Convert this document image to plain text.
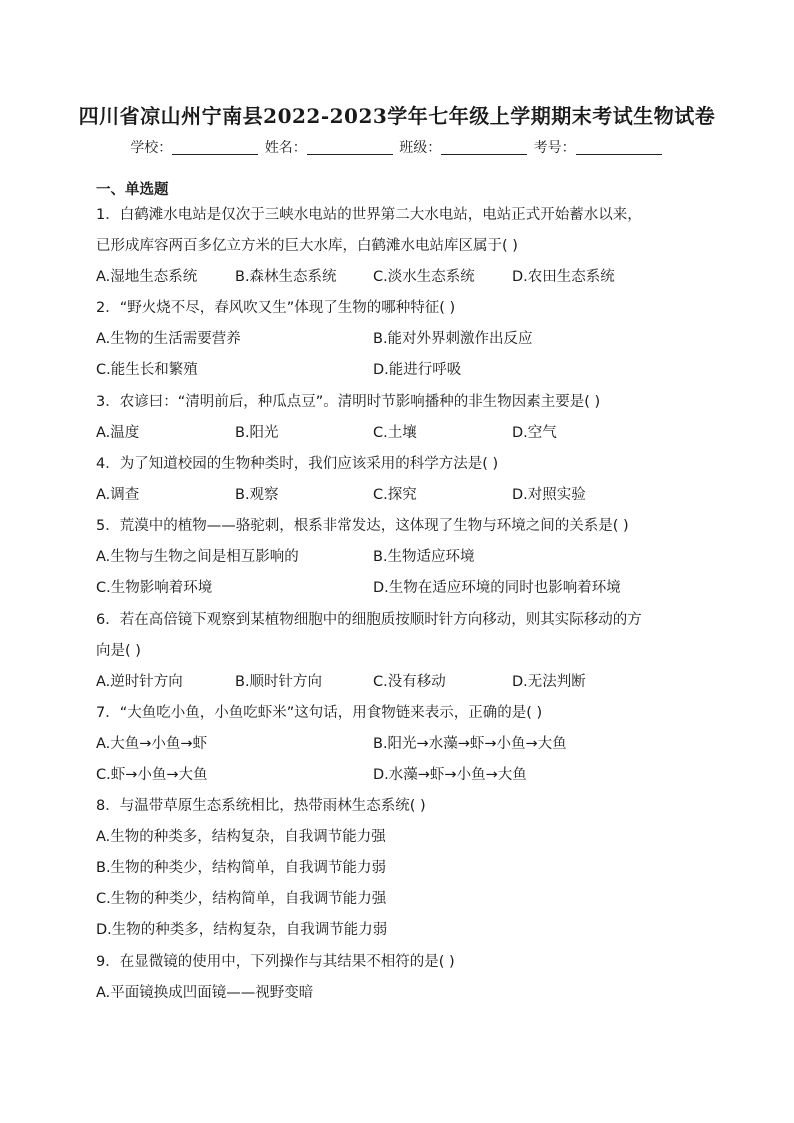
四川省凉山州宁南县2022-2023学年七年级上学期期末考试生物试卷
学校：	姓名：	班级：	考号：
一、单选题
1．白鹤滩水电站是仅次于三峡水电站的世界第二大水电站，电站正式开始蓄水以来，
已形成库容两百多亿立方米的巨大水库，白鹤滩水电站库区属于( )
A.湿地生态系统	B.森林生态系统	C.淡水生态系统	D.农田生态系统
2．“野火烧不尽，春风吹又生”体现了生物的哪种特征( )
A.生物的生活需要营养	B.能对外界刺激作出反应
C.能生长和繁殖	D.能进行呼吸
3．农谚曰：“清明前后，种瓜点豆”。清明时节影响播种的非生物因素主要是( )
A.温度	B.阳光	C.土壤	D.空气
4．为了知道校园的生物种类时，我们应该采用的科学方法是( )
A.调查	B.观察	C.探究	D.对照实验
5．荒漠中的植物——骆驼刺，根系非常发达，这体现了生物与环境之间的关系是( )
A.生物与生物之间是相互影响的	B.生物适应环境
C.生物影响着环境	D.生物在适应环境的同时也影响着环境
6．若在高倍镜下观察到某植物细胞中的细胞质按顺时针方向移动，则其实际移动的方
向是( )
A.逆时针方向	B.顺时针方向	C.没有移动	D.无法判断
7．“大鱼吃小鱼，小鱼吃虾米”这句话，用食物链来表示，正确的是( )
A.大鱼→小鱼→虾	B.阳光→水藻→虾→小鱼→大鱼
C.虾→小鱼→大鱼	D.水藻→虾→小鱼→大鱼
8．与温带草原生态系统相比，热带雨林生态系统( )
A.生物的种类多，结构复杂，自我调节能力强
B.生物的种类少，结构简单，自我调节能力弱
C.生物的种类少，结构简单，自我调节能力强
D.生物的种类多，结构复杂，自我调节能力弱
9．在显微镜的使用中，下列操作与其结果不相符的是( )
A.平面镜换成凹面镜——视野变暗
